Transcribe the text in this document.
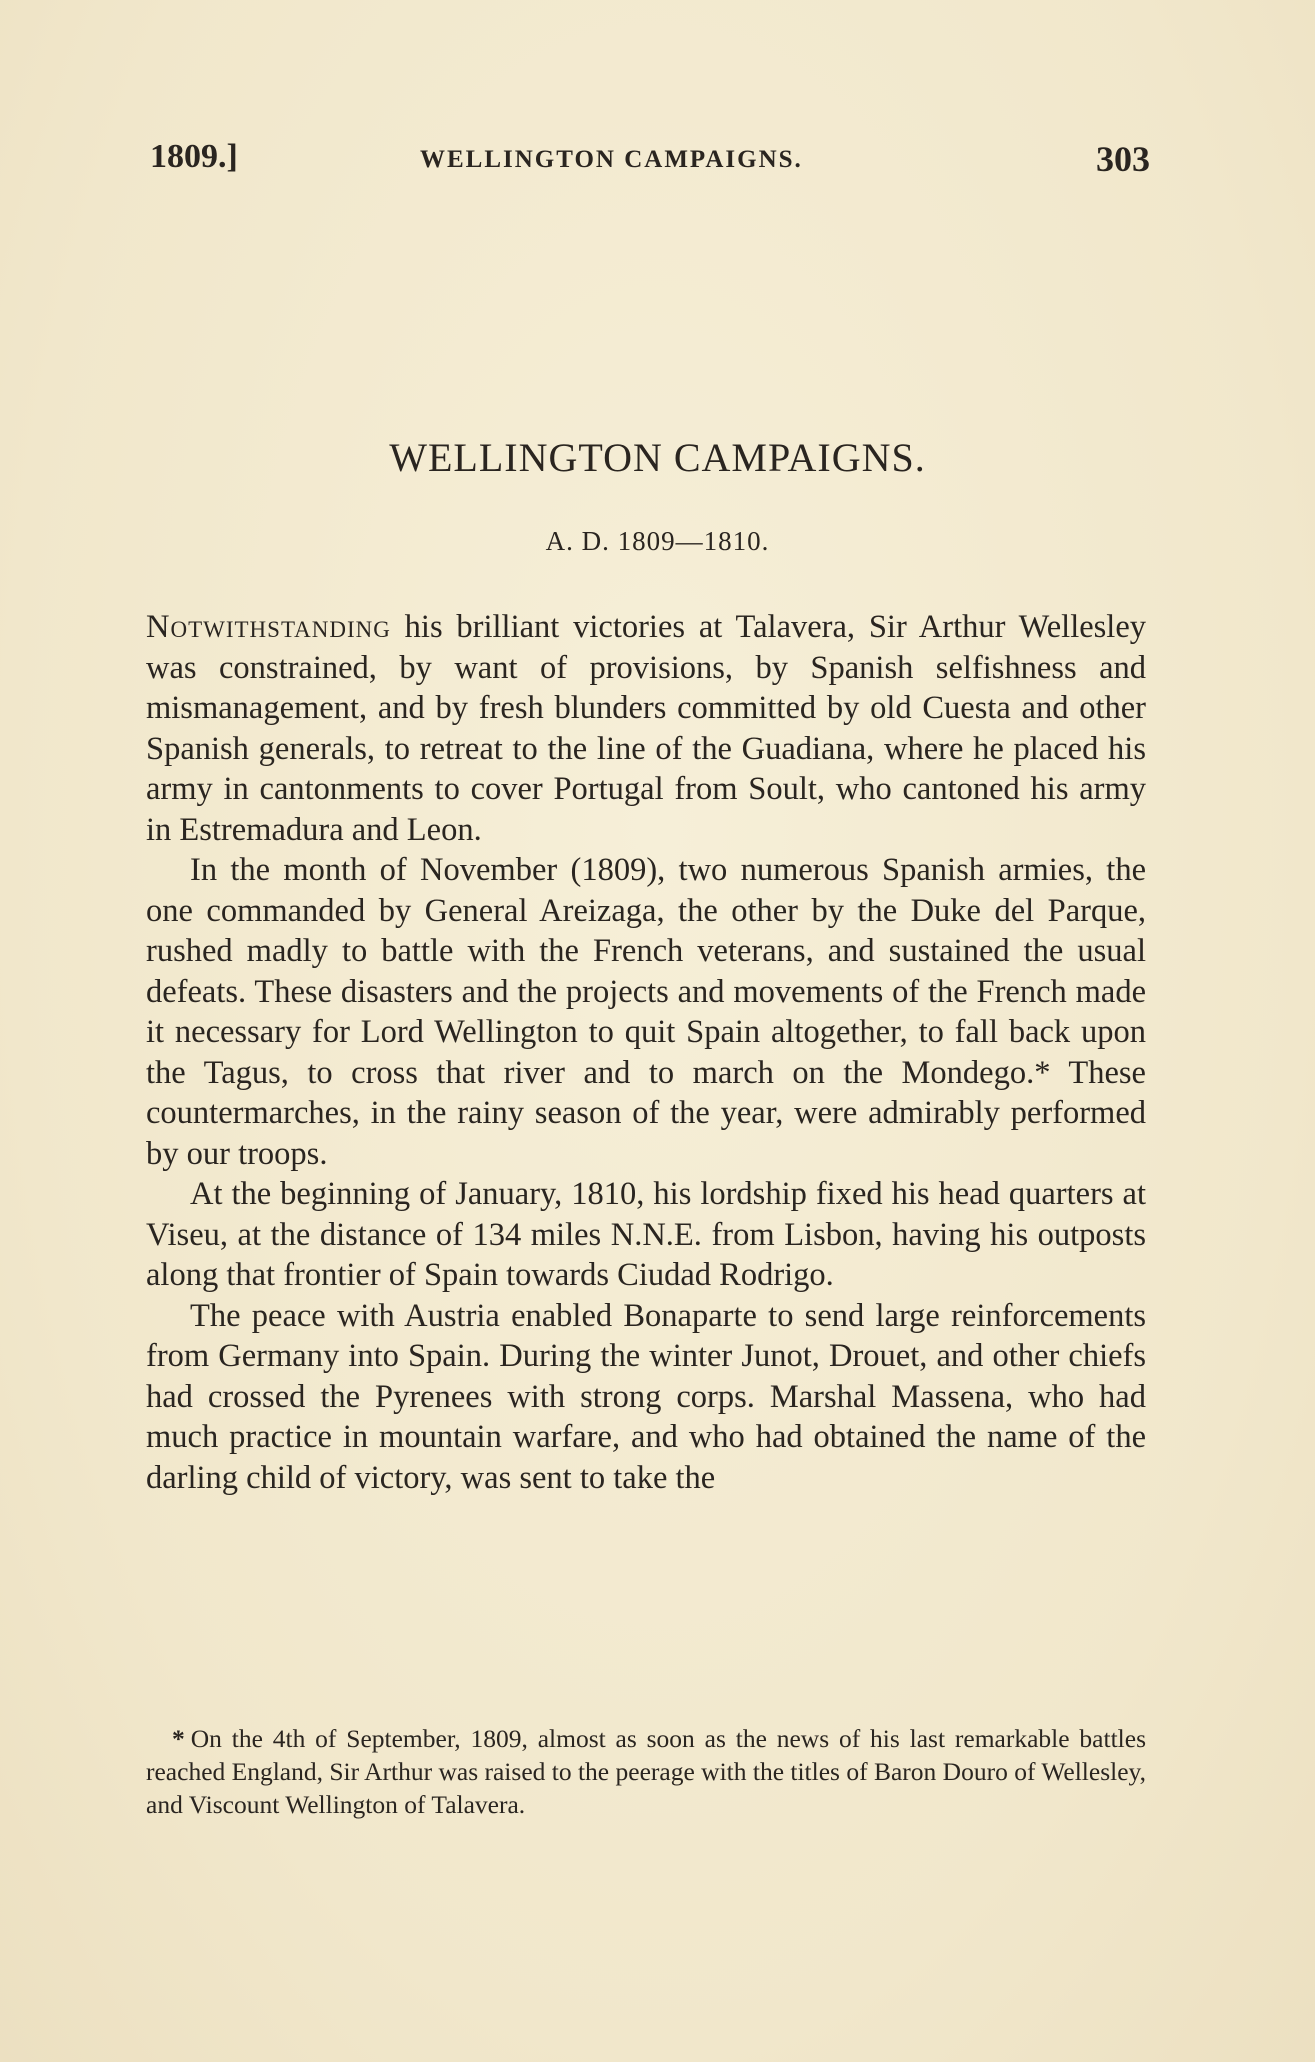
1809.]	WELLINGTON CAMPAIGNS.	303
WELLINGTON CAMPAIGNS.
A. D. 1809—1810.

Notwithstanding his brilliant victories at Talavera, Sir Arthur Wellesley was constrained, by want of provisions, by Spanish selfishness and mismanagement, and by fresh blunders committed by old Cuesta and other Spanish generals, to retreat to the line of the Guadiana, where he placed his army in cantonments to cover Portugal from Soult, who cantoned his army in Estremadura and Leon.

In the month of November (1809), two numerous Spanish armies, the one commanded by General Areizaga, the other by the Duke del Parque, rushed madly to battle with the French veterans, and sustained the usual defeats. These disasters and the projects and movements of the French made it necessary for Lord Wellington to quit Spain altogether, to fall back upon the Tagus, to cross that river and to march on the Mondego.* These countermarches, in the rainy season of the year, were admirably performed by our troops.

At the beginning of January, 1810, his lordship fixed his head quarters at Viseu, at the distance of 134 miles N.N.E. from Lisbon, having his outposts along that frontier of Spain towards Ciudad Rodrigo.

The peace with Austria enabled Bonaparte to send large reinforcements from Germany into Spain. During the winter Junot, Drouet, and other chiefs had crossed the Pyrenees with strong corps. Marshal Massena, who had much practice in mountain warfare, and who had obtained the name of the darling child of victory, was sent to take the

* On the 4th of September, 1809, almost as soon as the news of his last remarkable battles reached England, Sir Arthur was raised to the peerage with the titles of Baron Douro of Wellesley, and Viscount Wellington of Talavera.
